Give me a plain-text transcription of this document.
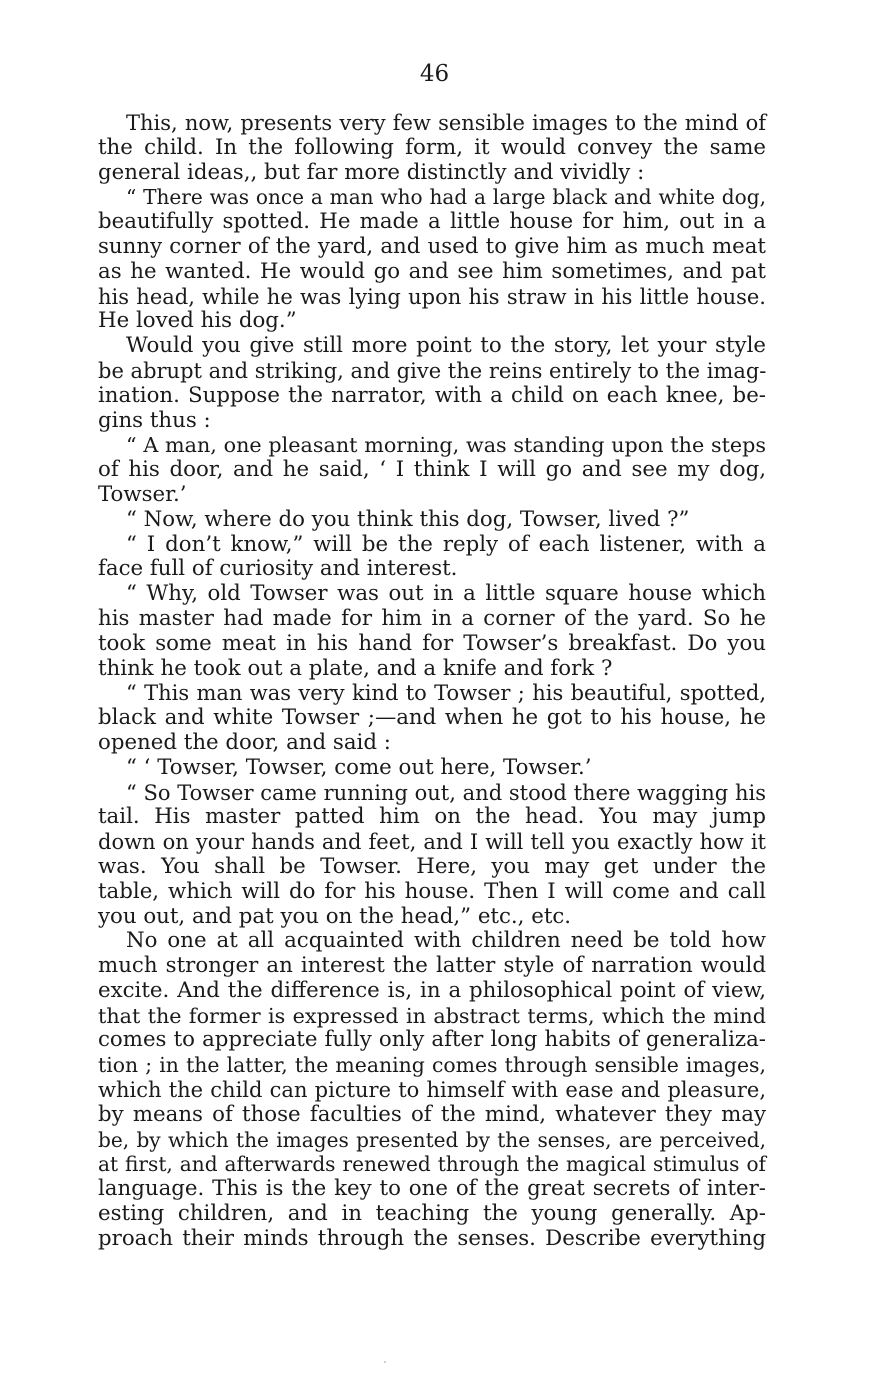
46
This, now, presents very few sensible images to the mind of
the child. In the following form, it would convey the same
general ideas,, but far more distinctly and vividly :
“ There was once a man who had a large black and white dog,
beautifully spotted. He made a little house for him, out in a
sunny corner of the yard, and used to give him as much meat
as he wanted. He would go and see him sometimes, and pat
his head, while he was lying upon his straw in his little house.
He loved his dog.”
Would you give still more point to the story, let your style
be abrupt and striking, and give the reins entirely to the imag-
ination. Suppose the narrator, with a child on each knee, be-
gins thus :
“ A man, one pleasant morning, was standing upon the steps
of his door, and he said, ‘ I think I will go and see my dog,
Towser.’
“ Now, where do you think this dog, Towser, lived ?”
“ I don’t know,” will be the reply of each listener, with a
face full of curiosity and interest.
“ Why, old Towser was out in a little square house which
his master had made for him in a corner of the yard. So he
took some meat in his hand for Towser’s breakfast. Do you
think he took out a plate, and a knife and fork ?
“ This man was very kind to Towser ; his beautiful, spotted,
black and white Towser ;—and when he got to his house, he
opened the door, and said :
“ ‘ Towser, Towser, come out here, Towser.’
“ So Towser came running out, and stood there wagging his
tail. His master patted him on the head. You may jump
down on your hands and feet, and I will tell you exactly how it
was. You shall be Towser. Here, you may get under the
table, which will do for his house. Then I will come and call
you out, and pat you on the head,” etc., etc.
No one at all acquainted with children need be told how
much stronger an interest the latter style of narration would
excite. And the difference is, in a philosophical point of view,
that the former is expressed in abstract terms, which the mind
comes to appreciate fully only after long habits of generaliza-
tion ; in the latter, the meaning comes through sensible images,
which the child can picture to himself with ease and pleasure,
by means of those faculties of the mind, whatever they may
be, by which the images presented by the senses, are perceived,
at first, and afterwards renewed through the magical stimulus of
language. This is the key to one of the great secrets of inter-
esting children, and in teaching the young generally. Ap-
proach their minds through the senses. Describe everything
